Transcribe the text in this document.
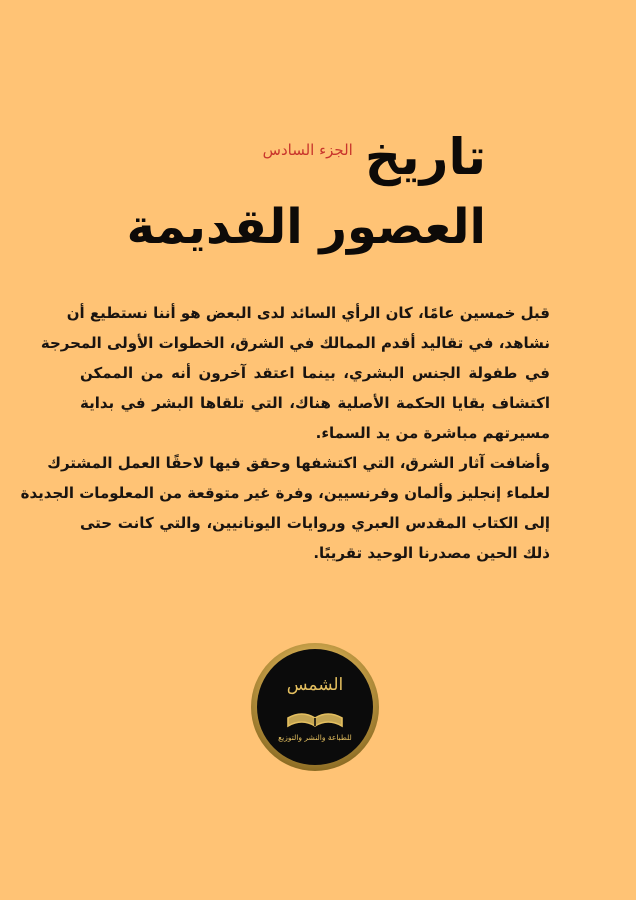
تاريخ
الجزء السادس
العصور القديمة
قبل خمسين عامًا، كان الرأي السائد لدى البعض هو أننا نستطيع أن
نشاهد، في تقاليد أقدم الممالك في الشرق، الخطوات الأولى المحرجة
في طفولة الجنس البشري، بينما اعتقد آخرون أنه من الممكن
اكتشاف بقايا الحكمة الأصلية هناك، التي تلقاها البشر في بداية
مسيرتهم مباشرة من يد السماء.
وأضافت آثار الشرق، التي اكتشفها وحقق فيها لاحقًا العمل المشترك
لعلماء إنجليز وألمان وفرنسيين، وفرة غير متوقعة من المعلومات الجديدة
إلى الكتاب المقدس العبري وروايات اليونانيين، والتي كانت حتى
ذلك الحين مصدرنا الوحيد تقريبًا.
الشمس
للطباعة والنشر والتوزيع
